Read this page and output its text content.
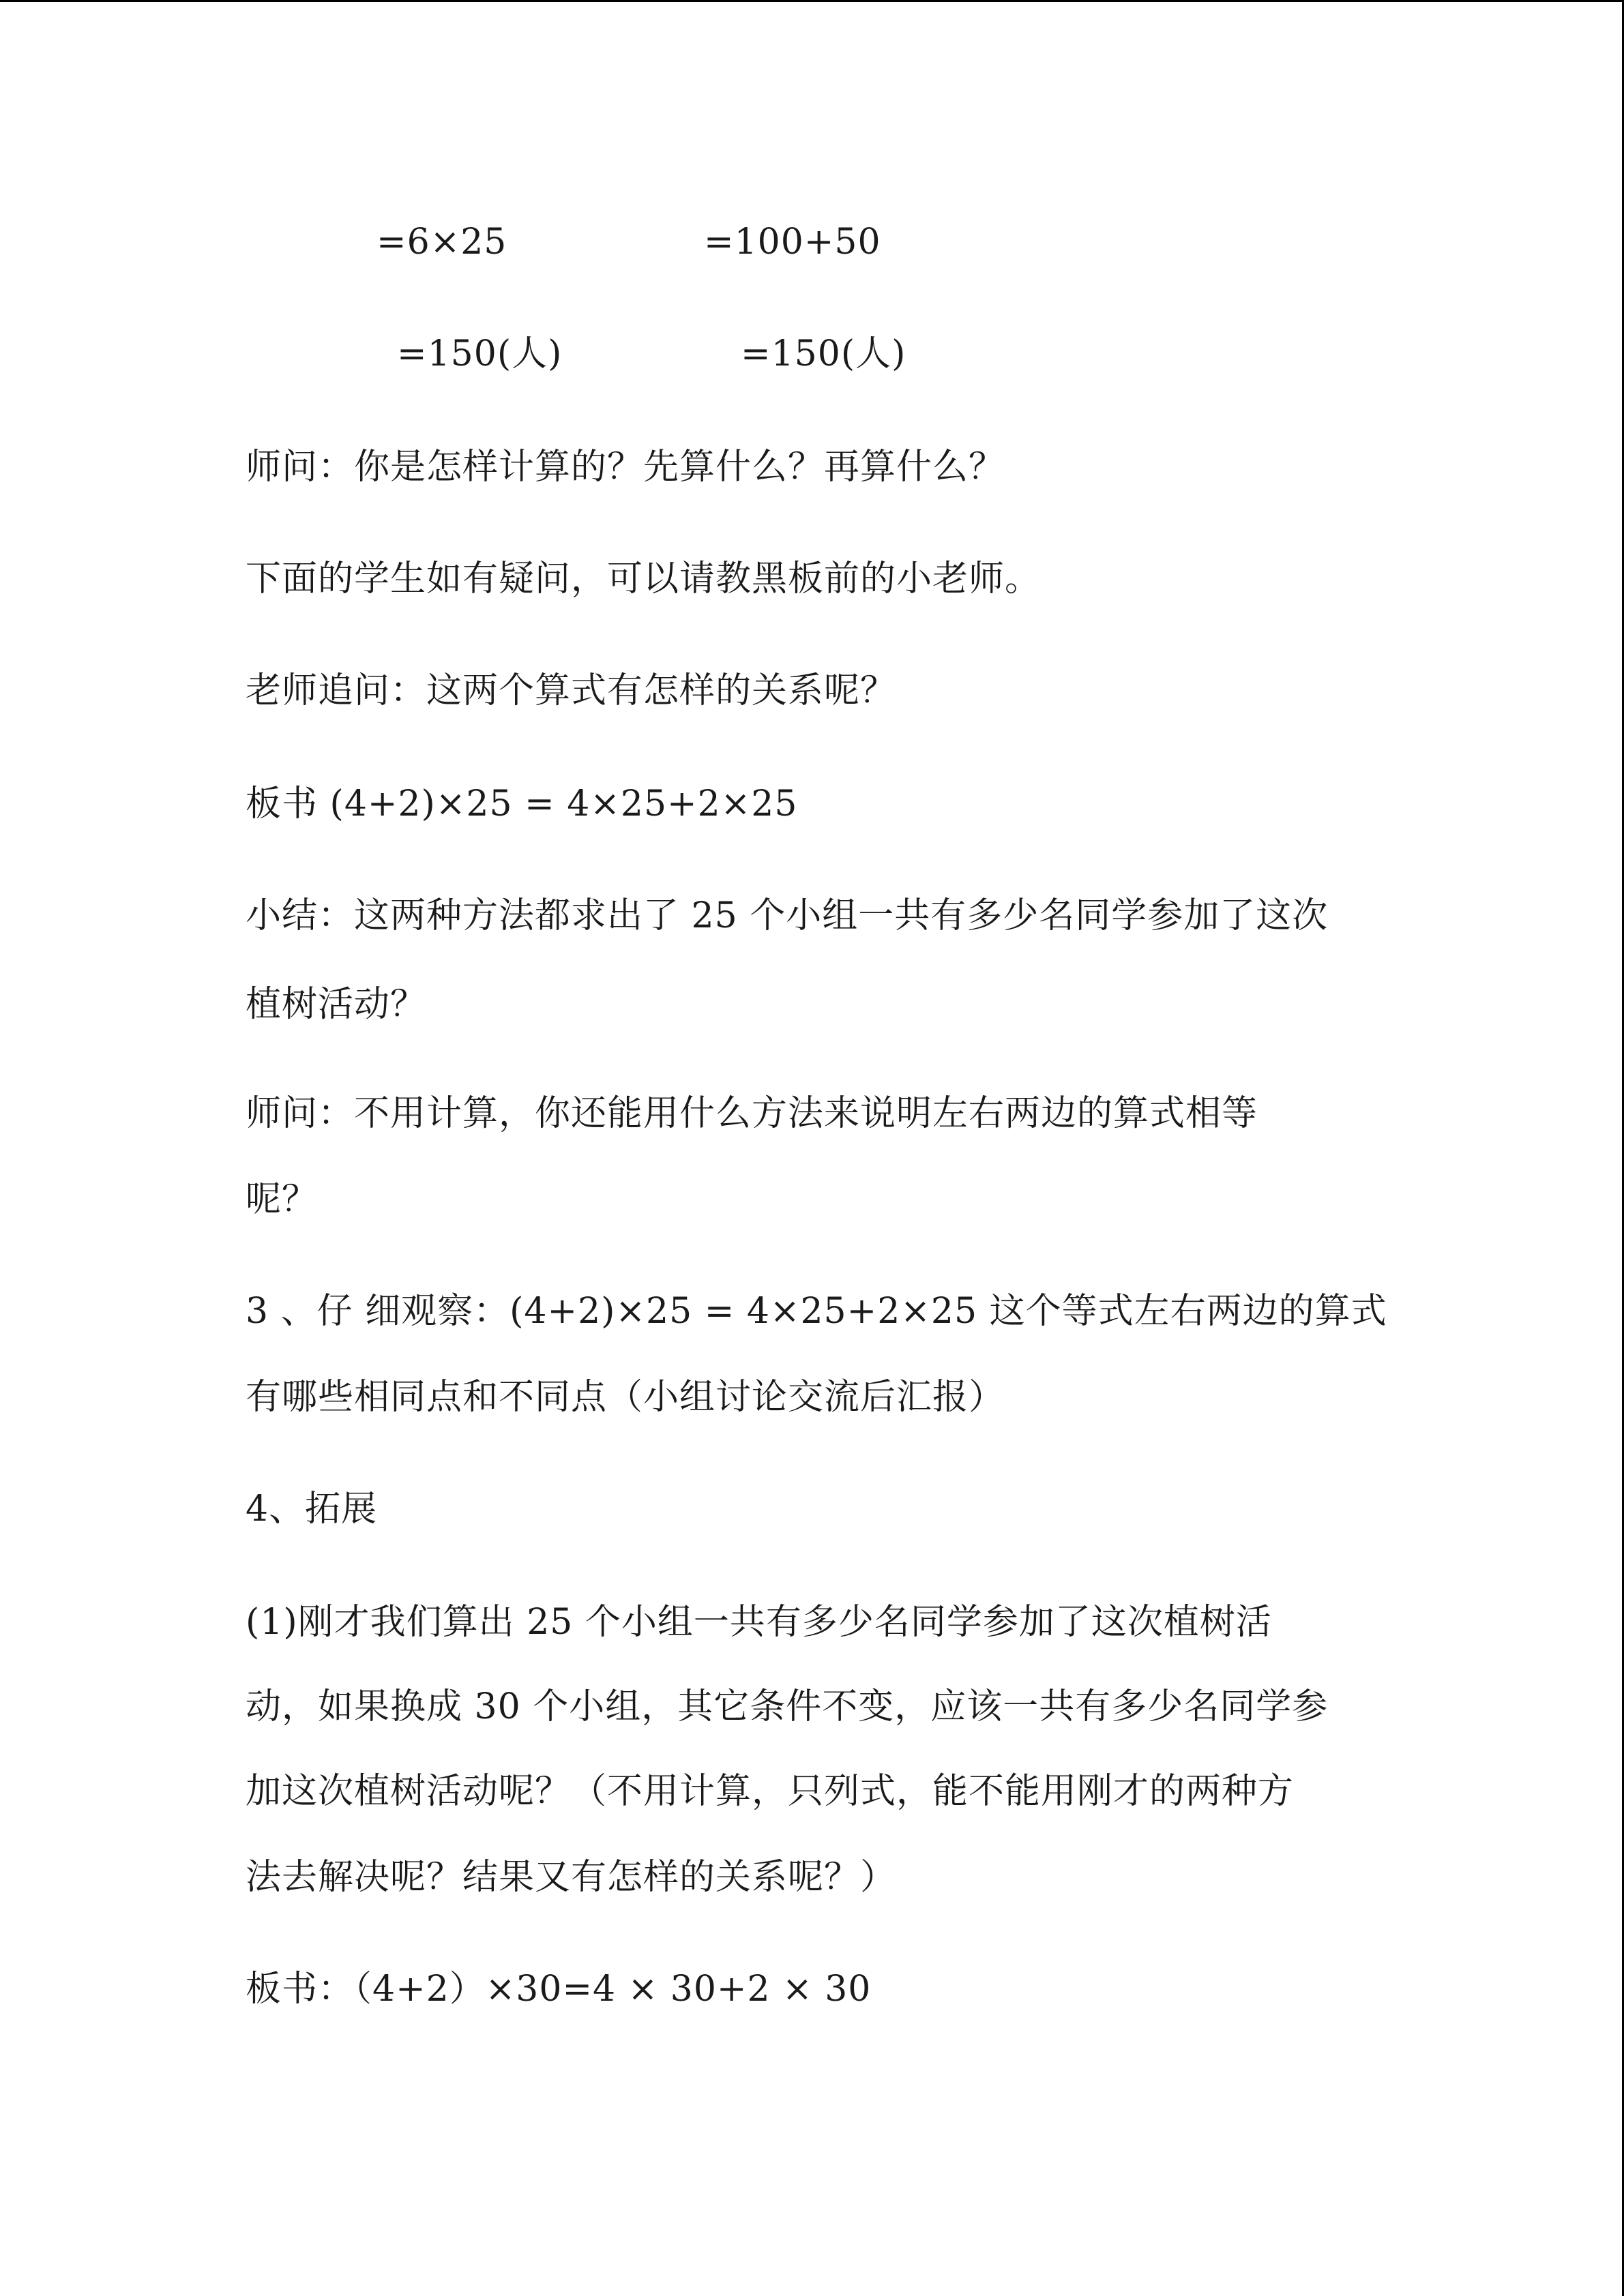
=6×25	=100+50

=150(人)	=150(人)

师问：你是怎样计算的？先算什么？再算什么？

下面的学生如有疑问，可以请教黑板前的小老师。

老师追问：这两个算式有怎样的关系呢？

板书 (4+2)×25 = 4×25+2×25

小结：这两种方法都求出了 25 个小组一共有多少名同学参加了这次

植树活动？

师问：不用计算，你还能用什么方法来说明左右两边的算式相等

呢？

3 、仔 细观察：(4+2)×25 = 4×25+2×25 这个等式左右两边的算式

有哪些相同点和不同点（小组讨论交流后汇报）

4、拓展

(1)刚才我们算出 25 个小组一共有多少名同学参加了这次植树活

动，如果换成 30 个小组，其它条件不变，应该一共有多少名同学参

加这次植树活动呢？（不用计算，只列式，能不能用刚才的两种方

法去解决呢？结果又有怎样的关系呢？）

板书：（4+2）×30=4 × 30+2 × 30
